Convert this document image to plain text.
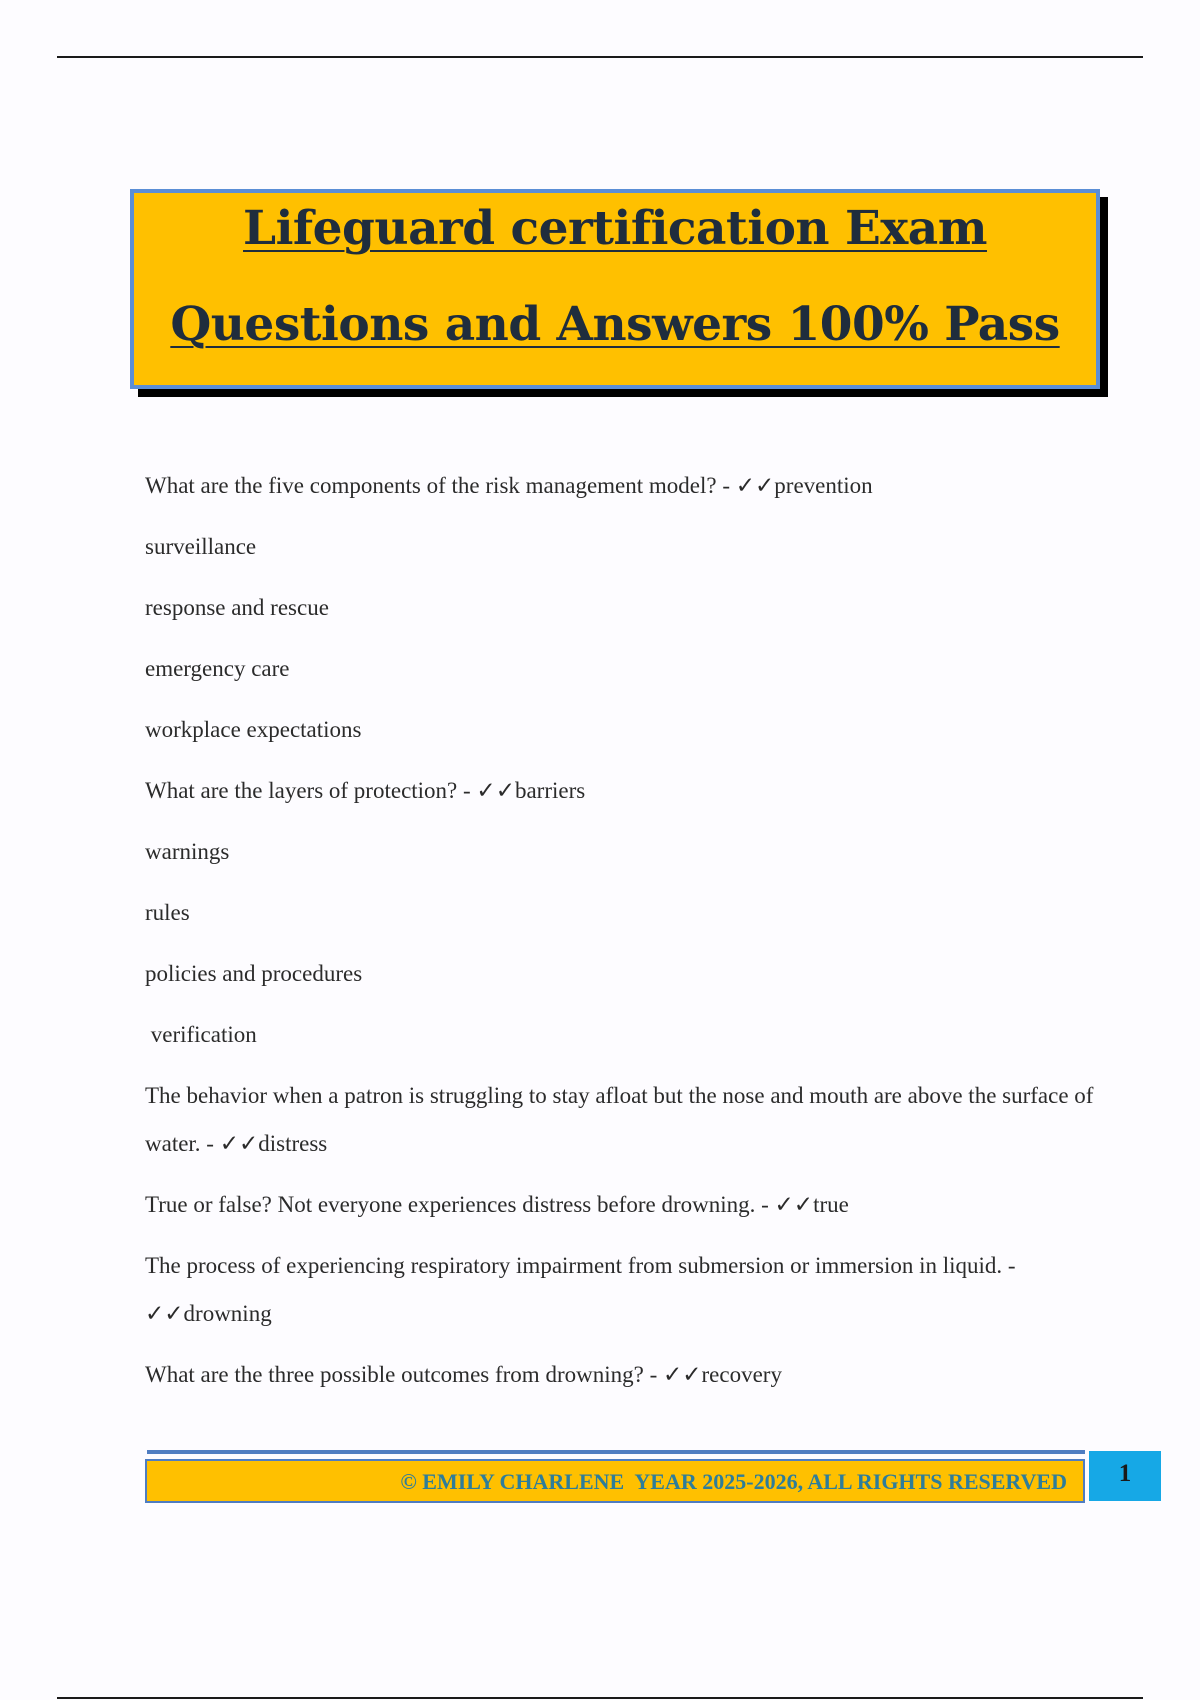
Lifeguard certification Exam
Questions and Answers 100% Pass

What are the five components of the risk management model? - ✓✓prevention

surveillance

response and rescue

emergency care

workplace expectations

What are the layers of protection? - ✓✓barriers

warnings

rules

policies and procedures

verification

The behavior when a patron is struggling to stay afloat but the nose and mouth are above the surface of water. - ✓✓distress

True or false? Not everyone experiences distress before drowning. - ✓✓true

The process of experiencing respiratory impairment from submersion or immersion in liquid. - ✓✓drowning

What are the three possible outcomes from drowning? - ✓✓recovery

© EMILY CHARLENE  YEAR 2025-2026, ALL RIGHTS RESERVED	1
